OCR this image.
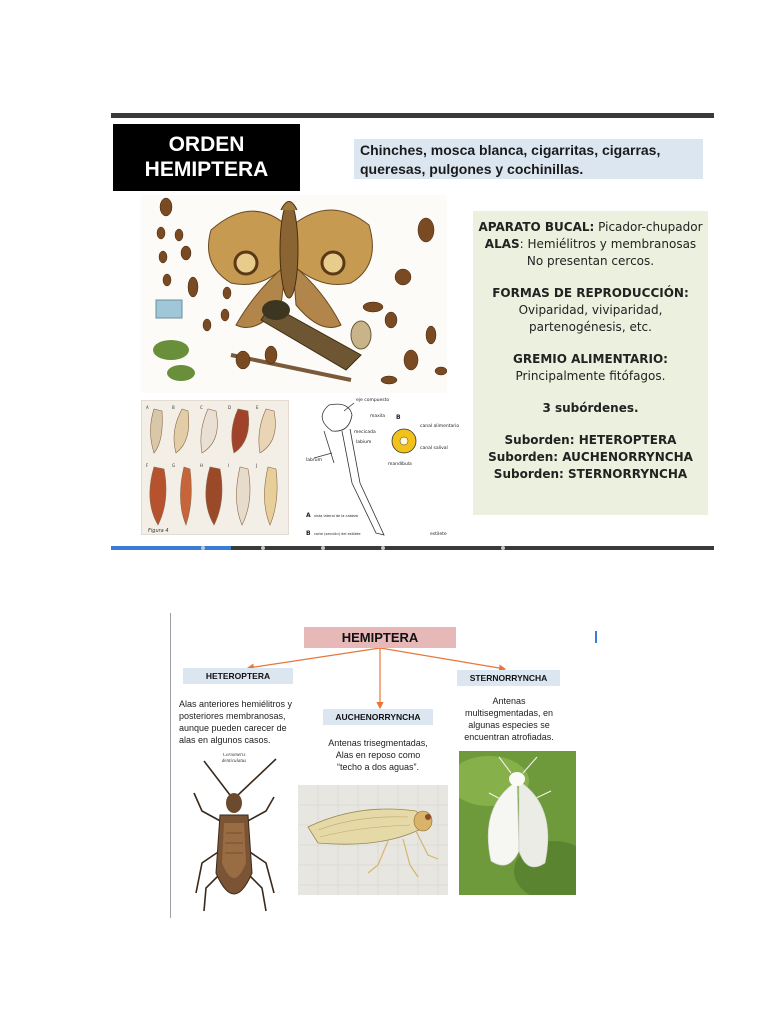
ORDEN
HEMIPTERA
Chinches, mosca blanca, cigarritas, cigarras,
queresas, pulgones y cochinillas.
A	B	C	D	E
F	G	H	I	J
Figura 4
eje compuesto
maxila B
canal alimentario
mecicada
labium
canal salival
labrum
mandíbula
A vista lateral de la cabeza
B corte (sección) del estilete	estilete
APARATO BUCAL: Picador-chupador
ALAS: Hemiélitros y membranosas
No presentan cercos.
FORMAS DE REPRODUCCIÓN:
Oviparidad, viviparidad,
partenogénesis, etc.
GREMIO ALIMENTARIO:
Principalmente fitófagos.
3 subórdenes.
Suborden: HETEROPTERA
Suborden: AUCHENORRYNCHA
Suborden: STERNORRYNCHA
HEMIPTERA
HETEROPTERA
Alas anteriores hemiélitros y
posteriores membranosas,
aunque pueden carecer de
alas en algunos casos.
Coriomeris
denticulatus
AUCHENORRYNCHA
Antenas trisegmentadas,
Alas en reposo como
“techo a dos aguas”.
STERNORRYNCHA
Antenas
multisegmentadas, en
algunas especies se
encuentran atrofiadas.
